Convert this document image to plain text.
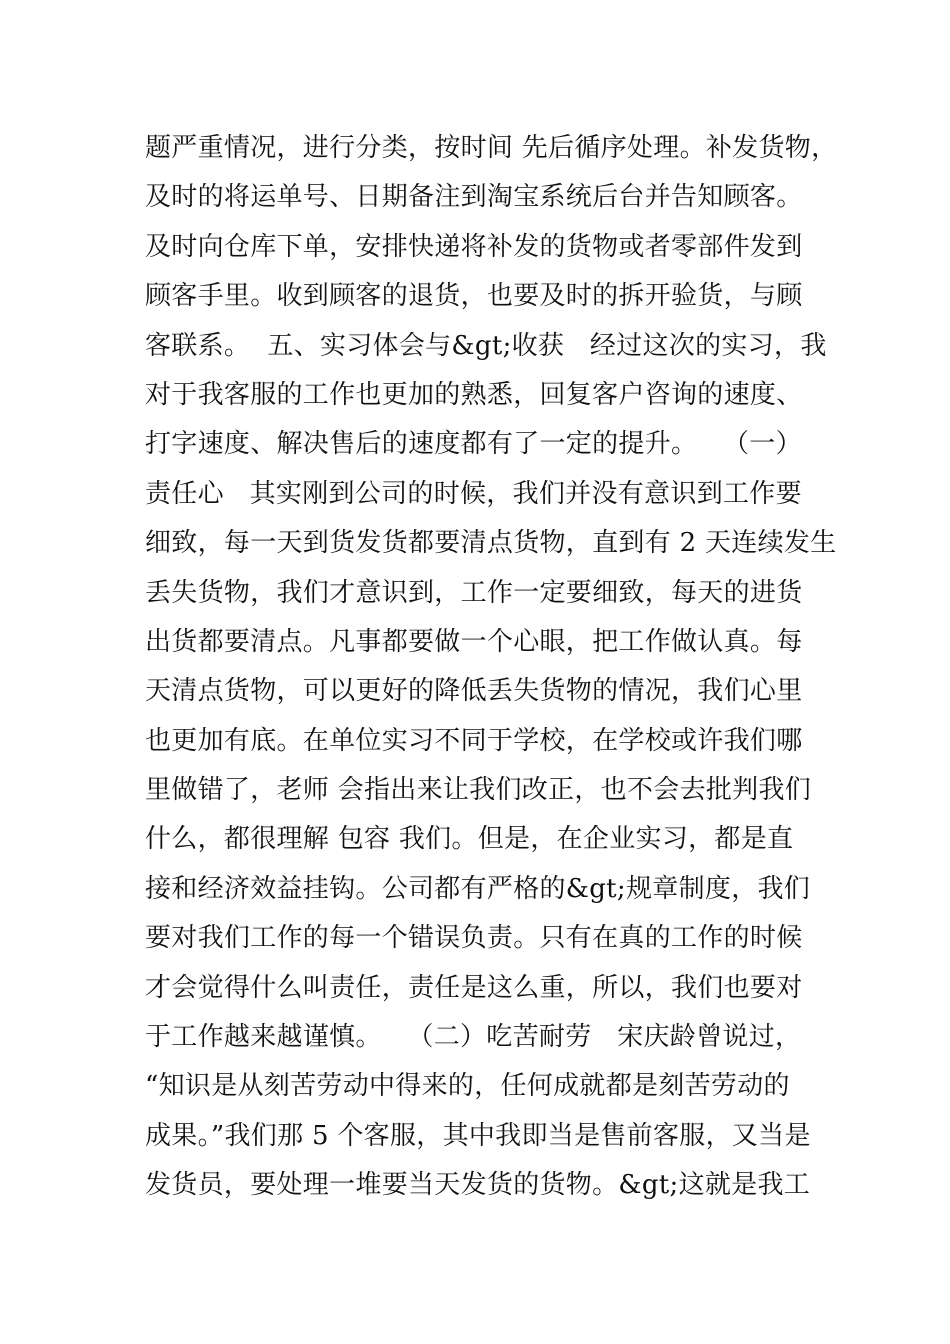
题严重情况，进行分类，按时间 先后循序处理。补发货物，
及时的将运单号、日期备注到淘宝系统后台并告知顾客。
及时向仓库下单，安排快递将补发的货物或者零部件发到
顾客手里。收到顾客的退货，也要及时的拆开验货，与顾
客联系。  五、实习体会与&gt;收获   经过这次的实习，我
对于我客服的工作也更加的熟悉，回复客户咨询的速度、
打字速度、解决售后的速度都有了一定的提升。   （一）
责任心   其实刚到公司的时候，我们并没有意识到工作要
细致，每一天到货发货都要清点货物，直到有 2 天连续发生
丢失货物，我们才意识到，工作一定要细致，每天的进货
出货都要清点。凡事都要做一个心眼，把工作做认真。每
天清点货物，可以更好的降低丢失货物的情况，我们心里
也更加有底。在单位实习不同于学校，在学校或许我们哪
里做错了，老师 会指出来让我们改正，也不会去批判我们
什么，都很理解 包容 我们。但是，在企业实习，都是直
接和经济效益挂钩。公司都有严格的&gt;规章制度，我们
要对我们工作的每一个错误负责。只有在真的工作的时候
才会觉得什么叫责任，责任是这么重，所以，我们也要对
于工作越来越谨慎。   （二）吃苦耐劳   宋庆龄曾说过，
“知识是从刻苦劳动中得来的，任何成就都是刻苦劳动的
成果。”我们那 5 个客服，其中我即当是售前客服，又当是
发货员，要处理一堆要当天发货的货物。&gt;这就是我工
